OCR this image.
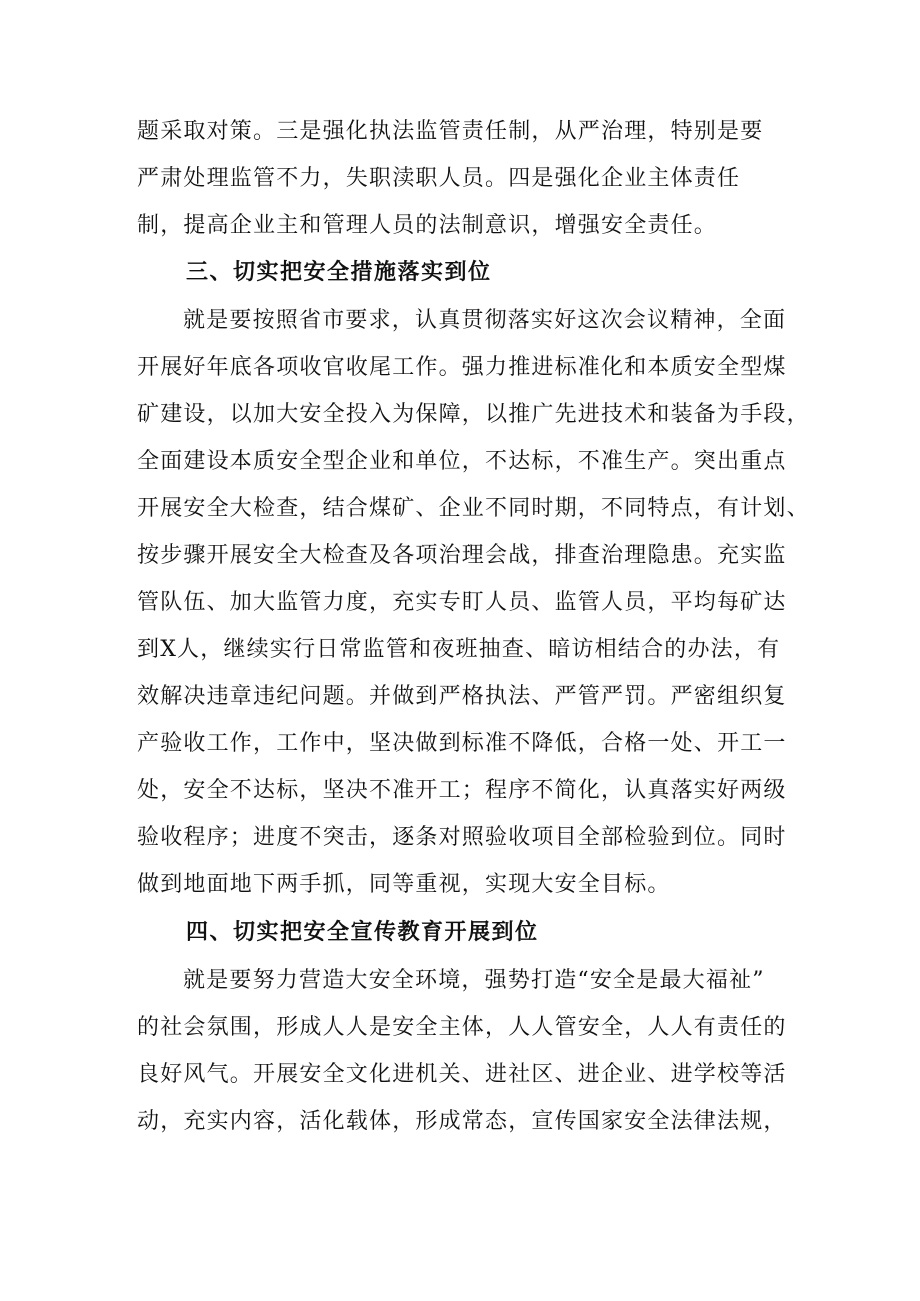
题采取对策。三是强化执法监管责任制，从严治理，特别是要
严肃处理监管不力，失职渎职人员。四是强化企业主体责任
制，提高企业主和管理人员的法制意识，增强安全责任。
三、切实把安全措施落实到位
就是要按照省市要求，认真贯彻落实好这次会议精神，全面
开展好年底各项收官收尾工作。强力推进标准化和本质安全型煤
矿建设，以加大安全投入为保障，以推广先进技术和装备为手段，
全面建设本质安全型企业和单位，不达标，不准生产。突出重点
开展安全大检查，结合煤矿、企业不同时期，不同特点，有计划、
按步骤开展安全大检查及各项治理会战，排查治理隐患。充实监
管队伍、加大监管力度，充实专盯人员、监管人员，平均每矿达
到X人，继续实行日常监管和夜班抽查、暗访相结合的办法，有
效解决违章违纪问题。并做到严格执法、严管严罚。严密组织复
产验收工作，工作中，坚决做到标准不降低，合格一处、开工一
处，安全不达标，坚决不准开工；程序不简化，认真落实好两级
验收程序；进度不突击，逐条对照验收项目全部检验到位。同时
做到地面地下两手抓，同等重视，实现大安全目标。
四、切实把安全宣传教育开展到位
就是要努力营造大安全环境，强势打造“安全是最大福祉”
的社会氛围，形成人人是安全主体，人人管安全，人人有责任的
良好风气。开展安全文化进机关、进社区、进企业、进学校等活
动，充实内容，活化载体，形成常态，宣传国家安全法律法规，
